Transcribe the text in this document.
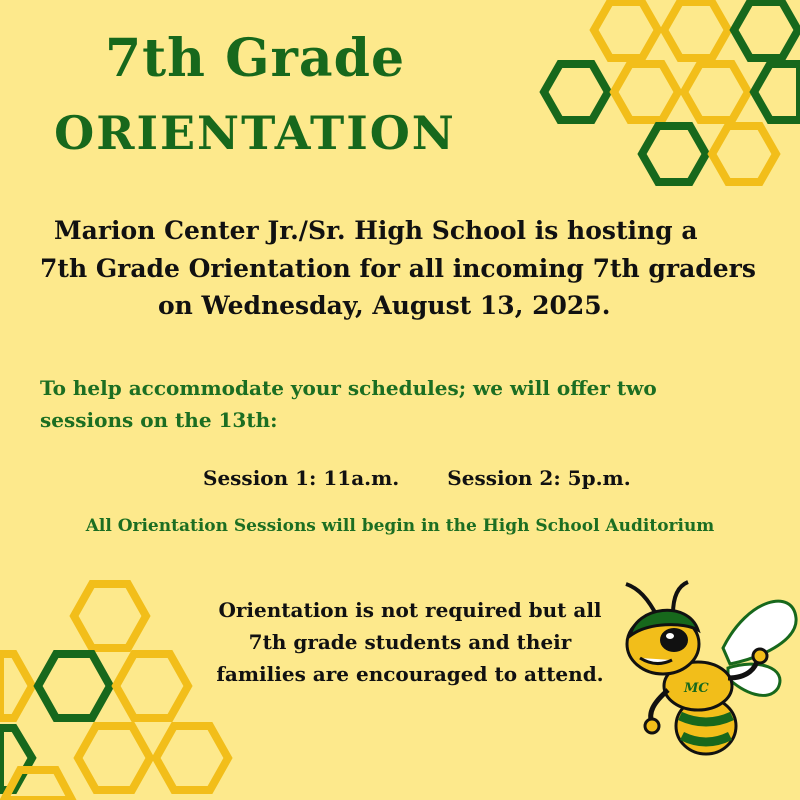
7th Grade
ORIENTATION
Marion Center Jr./Sr. High School is hosting a
7th Grade Orientation for all incoming 7th graders
on Wednesday, August 13, 2025.
To help accommodate your schedules; we will offer two
sessions on the 13th:
Session 1: 11a.m. Session 2: 5p.m.
All Orientation Sessions will begin in the High School Auditorium
Orientation is not required but all
7th grade students and their
families are encouraged to attend.
MC
